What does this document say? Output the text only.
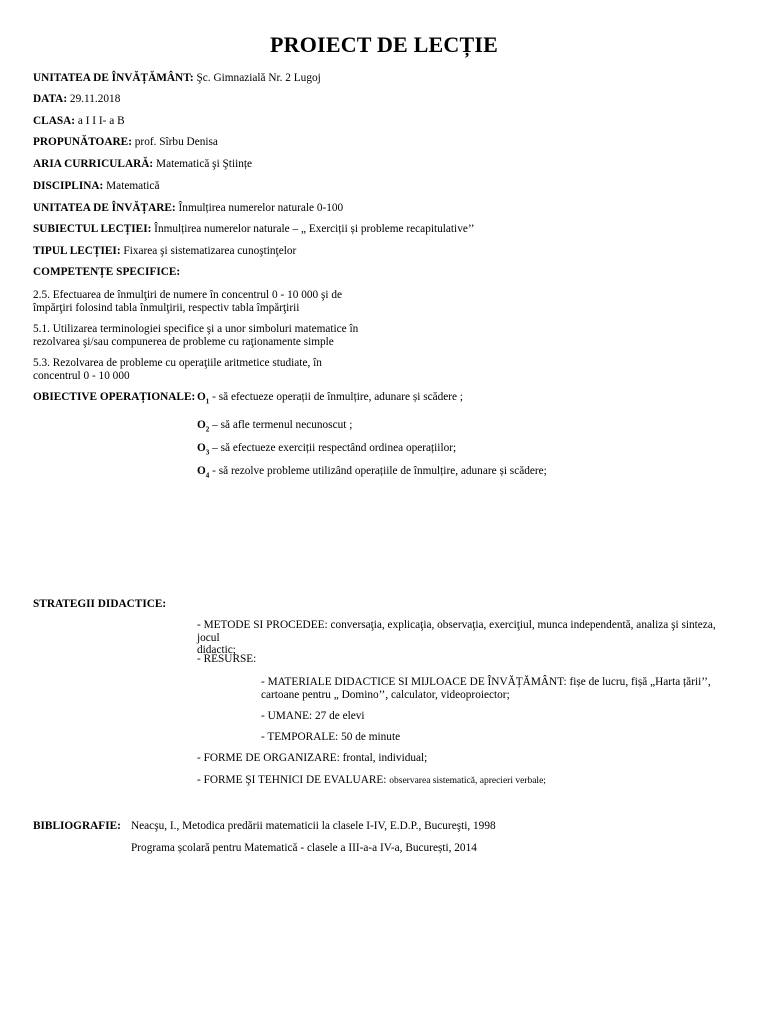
PROIECT DE LECȚIE
UNITATEA DE ÎNVĂȚĂMÂNT: Şc. Gimnazială Nr. 2 Lugoj
DATA: 29.11.2018
CLASA: a I I I- a B
PROPUNĂTOARE: prof. Sîrbu Denisa
ARIA CURRICULARĂ: Matematică şi Ştiințe
DISCIPLINA: Matematică
UNITATEA DE ÎNVĂȚARE: Înmulțirea numerelor naturale 0-100
SUBIECTUL LECȚIEI: Înmulțirea numerelor naturale – „ Exerciții și probleme recapitulative’’
TIPUL LECȚIEI: Fixarea şi sistematizarea cunoştinţelor
COMPETENȚE SPECIFICE:
2.5. Efectuarea de înmulţiri de numere în concentrul 0 - 10 000 şi de
împărţiri folosind tabla înmulţirii, respectiv tabla împărţirii
5.1. Utilizarea terminologiei specifice şi a unor simboluri matematice în
rezolvarea şi/sau compunerea de probleme cu raţionamente simple
5.3. Rezolvarea de probleme cu operaţiile aritmetice studiate, în
concentrul 0 - 10 000
OBIECTIVE OPERAȚIONALE: $O_1$ - să efectueze operații de înmulțire, adunare și scădere ;
$O_2$ – să afle termenul necunoscut ;
$O_3$ – să efectueze exerciții respectând ordinea operațiilor;
$O_4$ - să rezolve probleme utilizând operațiile de înmulțire, adunare și scădere;
STRATEGII DIDACTICE:
- METODE SI PROCEDEE: conversaţia, explicaţia, observaţia, exerciţiul, munca independentă, analiza şi sinteza, jocul
didactic;
- RESURSE:
- MATERIALE DIDACTICE SI MIJLOACE DE ÎNVĂȚĂMÂNT: fișe de lucru, fișă „Harta țării’’,
cartoane pentru „ Domino’’, calculator, videoproiector;
- UMANE: 27 de elevi
- TEMPORALE: 50 de minute
- FORME DE ORGANIZARE: frontal, individual;
- FORME ŞI TEHNICI DE EVALUARE: observarea sistematică, aprecieri verbale;
BIBLIOGRAFIE: Neacşu, I., Metodica predării matematicii la clasele I-IV, E.D.P., Bucureşti, 1998
Programa școlară pentru Matematică - clasele a III-a-a IV-a, București, 2014
